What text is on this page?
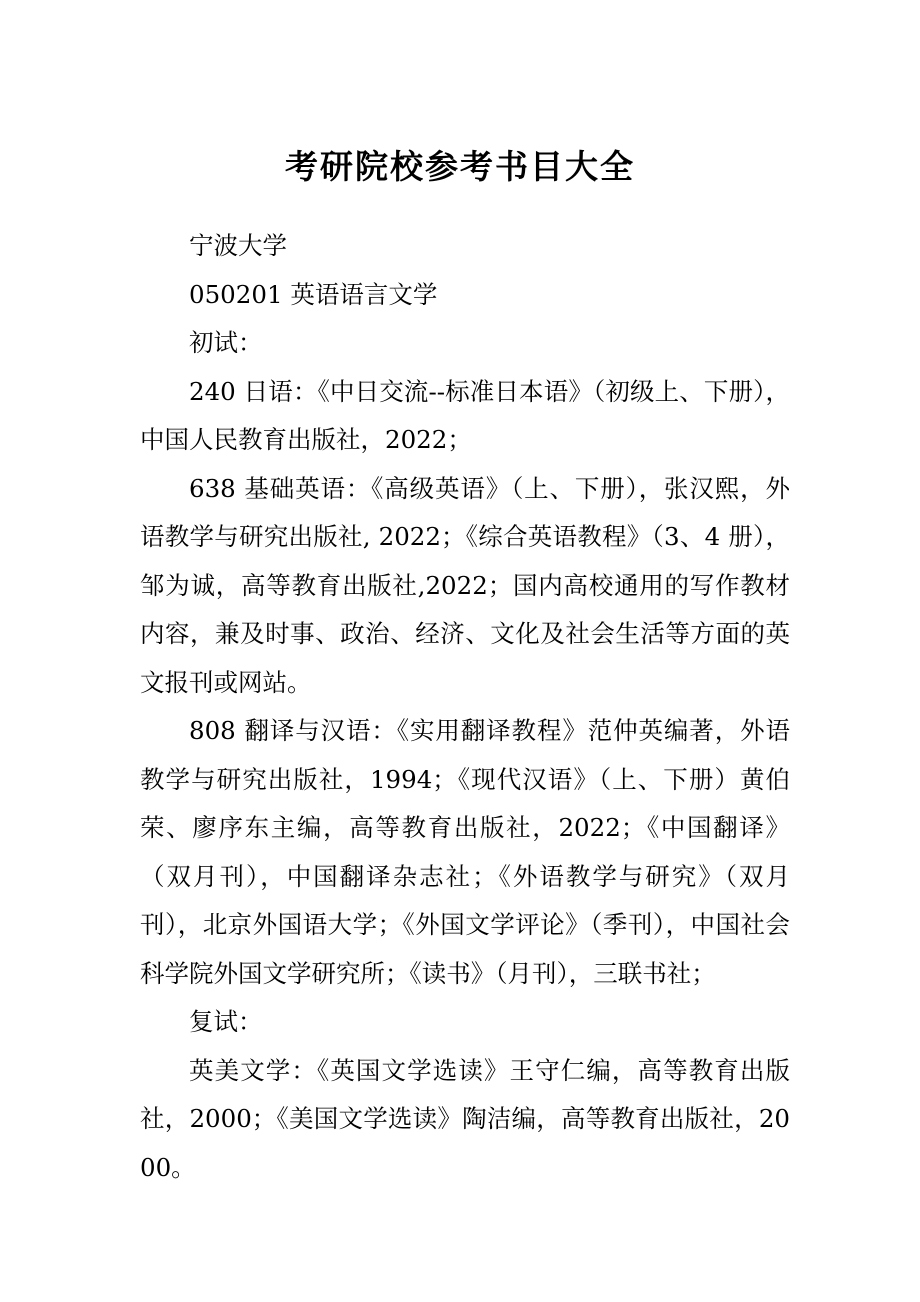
考研院校参考书目大全

宁波大学

050201 英语语言文学

初试：

240 日语：《中日交流--标准日本语》（初级上、下册），中国人民教育出版社，2022；

638 基础英语：《高级英语》（上、下册），张汉熙，外语教学与研究出版社, 2022；《综合英语教程》（3、4 册），邹为诚，高等教育出版社,2022；国内高校通用的写作教材内容，兼及时事、政治、经济、文化及社会生活等方面的英文报刊或网站。

808 翻译与汉语：《实用翻译教程》范仲英编著，外语教学与研究出版社，1994；《现代汉语》（上、下册）黄伯荣、廖序东主编，高等教育出版社，2022；《中国翻译》（双月刊），中国翻译杂志社；《外语教学与研究》（双月刊），北京外国语大学；《外国文学评论》（季刊），中国社会科学院外国文学研究所；《读书》（月刊），三联书社；

复试：

英美文学：《英国文学选读》王守仁编，高等教育出版社，2000；《美国文学选读》陶洁编，高等教育出版社，2000。
